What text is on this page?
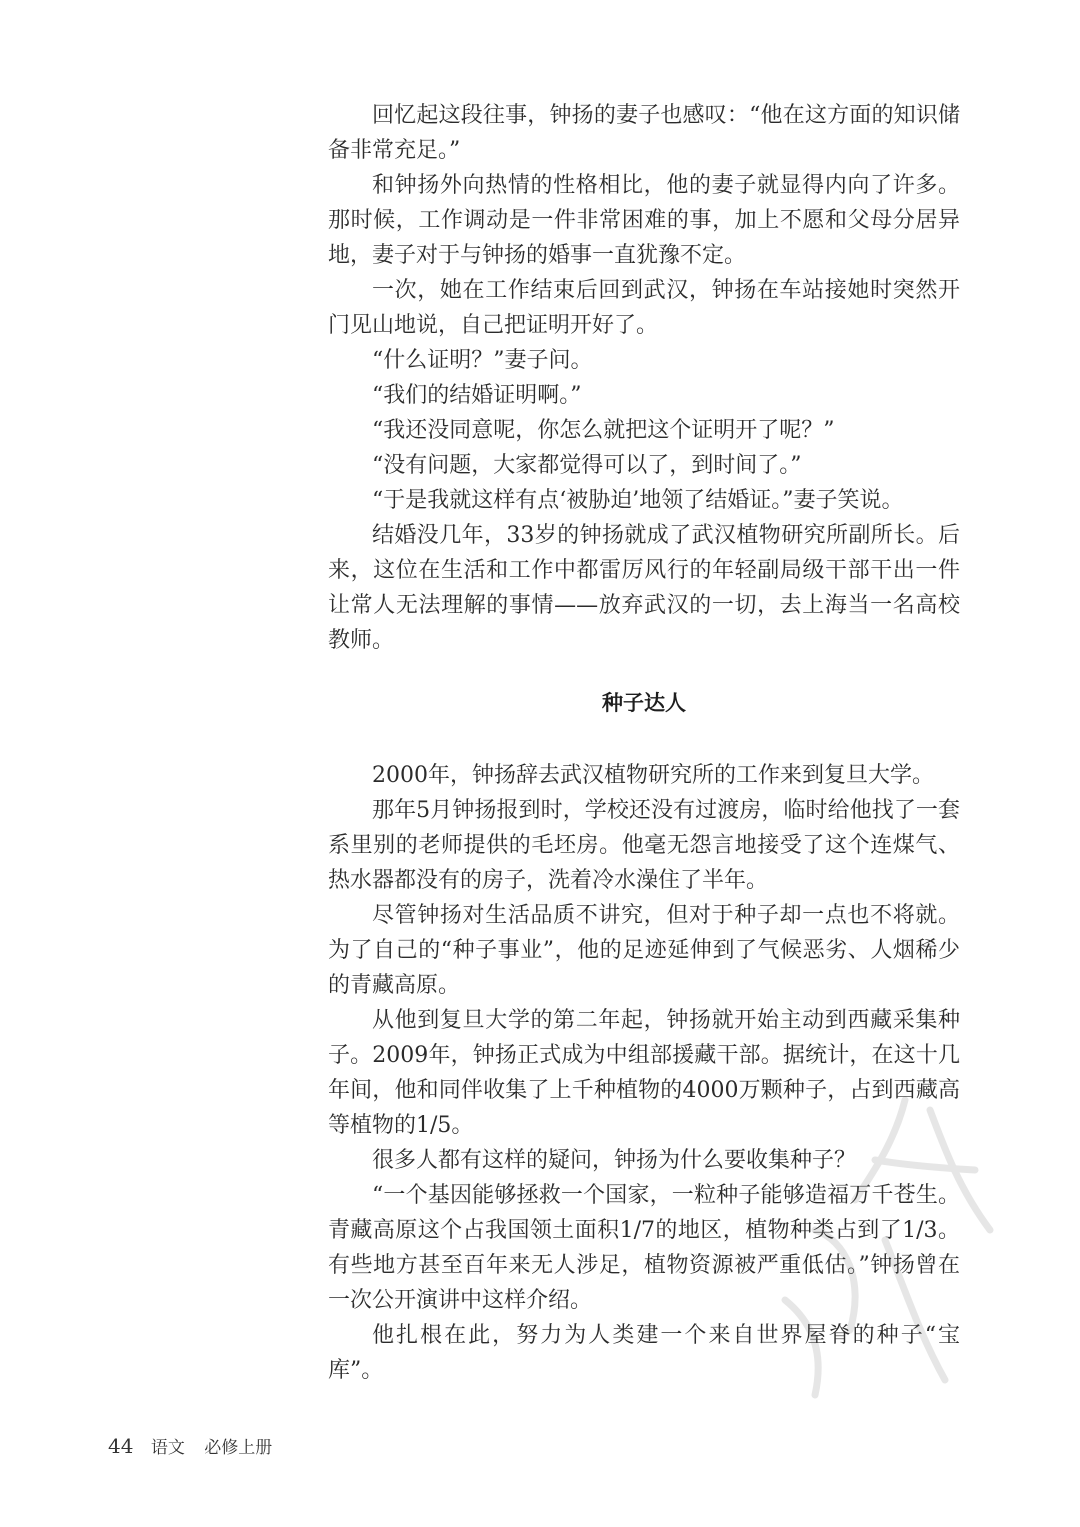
回忆起这段往事，钟扬的妻子也感叹：“他在这方面的知识储备非常充足。”

和钟扬外向热情的性格相比，他的妻子就显得内向了许多。那时候，工作调动是一件非常困难的事，加上不愿和父母分居异地，妻子对于与钟扬的婚事一直犹豫不定。

一次，她在工作结束后回到武汉，钟扬在车站接她时突然开门见山地说，自己把证明开好了。

“什么证明？”妻子问。

“我们的结婚证明啊。”

“我还没同意呢，你怎么就把这个证明开了呢？”

“没有问题，大家都觉得可以了，到时间了。”

“于是我就这样有点‘被胁迫’地领了结婚证。”妻子笑说。

结婚没几年，33岁的钟扬就成了武汉植物研究所副所长。后来，这位在生活和工作中都雷厉风行的年轻副局级干部干出一件让常人无法理解的事情——放弃武汉的一切，去上海当一名高校教师。

种子达人

2000年，钟扬辞去武汉植物研究所的工作来到复旦大学。

那年5月钟扬报到时，学校还没有过渡房，临时给他找了一套系里别的老师提供的毛坯房。他毫无怨言地接受了这个连煤气、热水器都没有的房子，洗着冷水澡住了半年。

尽管钟扬对生活品质不讲究，但对于种子却一点也不将就。为了自己的“种子事业”，他的足迹延伸到了气候恶劣、人烟稀少的青藏高原。

从他到复旦大学的第二年起，钟扬就开始主动到西藏采集种子。2009年，钟扬正式成为中组部援藏干部。据统计，在这十几年间，他和同伴收集了上千种植物的4000万颗种子，占到西藏高等植物的1/5。

很多人都有这样的疑问，钟扬为什么要收集种子？

“一个基因能够拯救一个国家，一粒种子能够造福万千苍生。青藏高原这个占我国领土面积1/7的地区，植物种类占到了1/3。有些地方甚至百年来无人涉足，植物资源被严重低估。”钟扬曾在一次公开演讲中这样介绍。

他扎根在此，努力为人类建一个来自世界屋脊的种子“宝库”。

44 语文 必修上册
